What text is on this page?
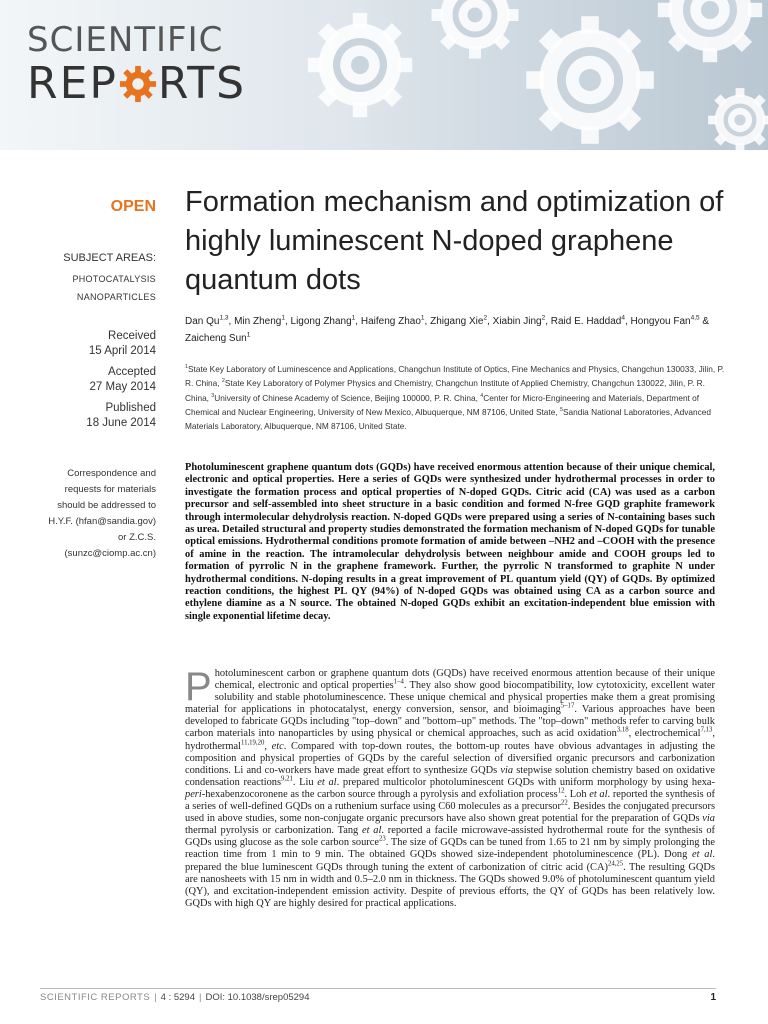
SCIENTIFIC
REP RTS
OPEN
SUBJECT AREAS:
PHOTOCATALYSIS
NANOPARTICLES
Received
15 April 2014
Accepted
27 May 2014
Published
18 June 2014
Correspondence and requests for materials should be addressed to H.Y.F. (hfan@sandia.gov) or Z.C.S. (sunzc@ciomp.ac.cn)
Formation mechanism and optimization of highly luminescent N-doped graphene quantum dots
Dan Qu$^{1,3}$, Min Zheng$^1$, Ligong Zhang$^1$, Haifeng Zhao$^1$, Zhigang Xie$^2$, Xiabin Jing$^2$, Raid E. Haddad$^4$, Hongyou Fan$^{4,5}$ & Zaicheng Sun$^1$
$^1$State Key Laboratory of Luminescence and Applications, Changchun Institute of Optics, Fine Mechanics and Physics, Changchun 130033, Jilin, P. R. China, $^2$State Key Laboratory of Polymer Physics and Chemistry, Changchun Institute of Applied Chemistry, Changchun 130022, Jilin, P. R. China, $^3$University of Chinese Academy of Science, Beijing 100000, P. R. China, $^4$Center for Micro-Engineering and Materials, Department of Chemical and Nuclear Engineering, University of New Mexico, Albuquerque, NM 87106, United State, $^5$Sandia National Laboratories, Advanced Materials Laboratory, Albuquerque, NM 87106, United State.
Photoluminescent graphene quantum dots (GQDs) have received enormous attention because of their unique chemical, electronic and optical properties. Here a series of GQDs were synthesized under hydrothermal processes in order to investigate the formation process and optical properties of N-doped GQDs. Citric acid (CA) was used as a carbon precursor and self-assembled into sheet structure in a basic condition and formed N-free GQD graphite framework through intermolecular dehydrolysis reaction. N-doped GQDs were prepared using a series of N-containing bases such as urea. Detailed structural and property studies demonstrated the formation mechanism of N-doped GQDs for tunable optical emissions. Hydrothermal conditions promote formation of amide between –NH2 and –COOH with the presence of amine in the reaction. The intramolecular dehydrolysis between neighbour amide and COOH groups led to formation of pyrrolic N in the graphene framework. Further, the pyrrolic N transformed to graphite N under hydrothermal conditions. N-doping results in a great improvement of PL quantum yield (QY) of GQDs. By optimized reaction conditions, the highest PL QY (94%) of N-doped GQDs was obtained using CA as a carbon source and ethylene diamine as a N source. The obtained N-doped GQDs exhibit an excitation-independent blue emission with single exponential lifetime decay.
Photoluminescent carbon or graphene quantum dots (GQDs) have received enormous attention because of their unique chemical, electronic and optical properties$^{1-4}$. They also show good biocompatibility, low cytotoxicity, excellent water solubility and stable photoluminescence. These unique chemical and physical properties make them a great promising material for applications in photocatalyst, energy conversion, sensor, and bioimaging$^{5-17}$. Various approaches have been developed to fabricate GQDs including "top–down" and "bottom–up" methods. The "top–down" methods refer to carving bulk carbon materials into nanoparticles by using physical or chemical approaches, such as acid oxidation$^{3,18}$, electrochemical$^{7,13}$, hydrothermal$^{11,19,20}$, etc. Compared with top-down routes, the bottom-up routes have obvious advantages in adjusting the composition and physical properties of GQDs by the careful selection of diversified organic precursors and carbonization conditions. Li and co-workers have made great effort to synthesize GQDs via stepwise solution chemistry based on oxidative condensation reactions$^{9,21}$. Liu et al. prepared multicolor photoluminescent GQDs with uniform morphology by using hexa-peri-hexabenzocoronene as the carbon source through a pyrolysis and exfoliation process$^{12}$. Loh et al. reported the synthesis of a series of well-defined GQDs on a ruthenium surface using C60 molecules as a precursor$^{22}$. Besides the conjugated precursors used in above studies, some non-conjugate organic precursors have also shown great potential for the preparation of GQDs via thermal pyrolysis or carbonization. Tang et al. reported a facile microwave-assisted hydrothermal route for the synthesis of GQDs using glucose as the sole carbon source$^{23}$. The size of GQDs can be tuned from 1.65 to 21 nm by simply prolonging the reaction time from 1 min to 9 min. The obtained GQDs showed size-independent photoluminescence (PL). Dong et al. prepared the blue luminescent GQDs through tuning the extent of carbonization of citric acid (CA)$^{24,25}$. The resulting GQDs are nanosheets with 15 nm in width and 0.5–2.0 nm in thickness. The GQDs showed 9.0% of photoluminescent quantum yield (QY), and excitation-independent emission activity. Despite of previous efforts, the QY of GQDs has been relatively low. GQDs with high QY are highly desired for practical applications.
SCIENTIFIC REPORTS | 4 : 5294 | DOI: 10.1038/srep05294	1
